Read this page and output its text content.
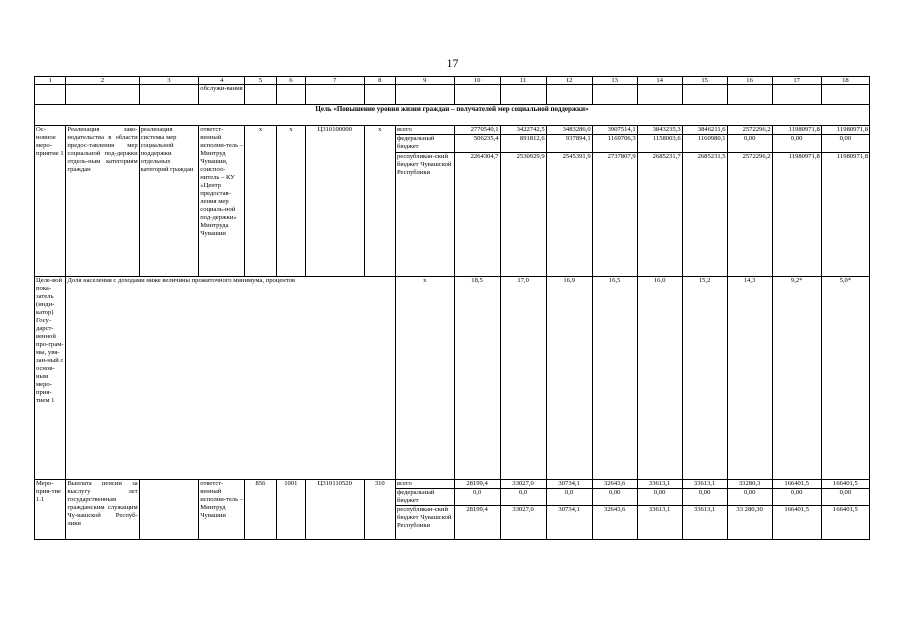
17
1	2	3	4	5	6	7	8	9	10	11	12	13	14	15	16	17	18
			обслужи-вания														
Цель «Повышение уровня жизни граждан – получателей мер социальной поддержки»																	
Ос-новное меро-приятие 1	Реализация зако-нодательства в области предос-тавления мер социальной под-держки отдель-ным категориям граждан	реализация системы мер социальной поддержки отдельных категорий граждан	ответст-венный исполни-тель – Минтруд Чувашии, соиспол-нитель – КУ «Центр предостав-ления мер социаль-ной под-держки» Минтруда Чувашии	x	x	Ц310100000	x	всего	2770540,1	3422742,5	3483286,0	3907514,1	3843235,3	3846211,6	2572296,2	11980971,8	11980971,8
								федеральный бюджет	506235,4	891812,6	937894,1	1169706,3	1158003,6	1160980,1	0,00	0,00	0,00
								республикан-ский бюджет Чувашской Республики	2264304,7	2530929,9	2545391,9	2737807,9	2685231,7	2685231,5	2572296,2	11980971,8	11980971,8
Целе-вой пока-затель (инди-катор) Госу-дарст-венной про-грам-мы, увя-зан-ный с основ-ным меро-прия-тием 1	Доля населения с доходами ниже величины прожиточного минимума, процентов							x	18,5	17,0	16,9	16,5	16,0	15,2	14,3	9,2*	5,0*
Меро-прия-тие 1.1	Выплата пенсии за выслугу лет государственным гражданским служащим Чу-вашской Респуб-лики		ответст-венный исполни-тель – Минтруд Чувашии	856	1001	Ц310110520	310	всего	28199,4	33027,0	30734,1	32643,6	33613,1	33613,1	33280,3	166401,5	166401,5
								федеральный бюджет	0,0	0,0	0,0	0,00	0,00	0,00	0,00	0,00	0,00
								республикан-ский бюджет Чувашской Республики	28199,4	33027,0	30734,1	32643,6	33613,1	33613,1	33 280,30	166401,5	166401,5
